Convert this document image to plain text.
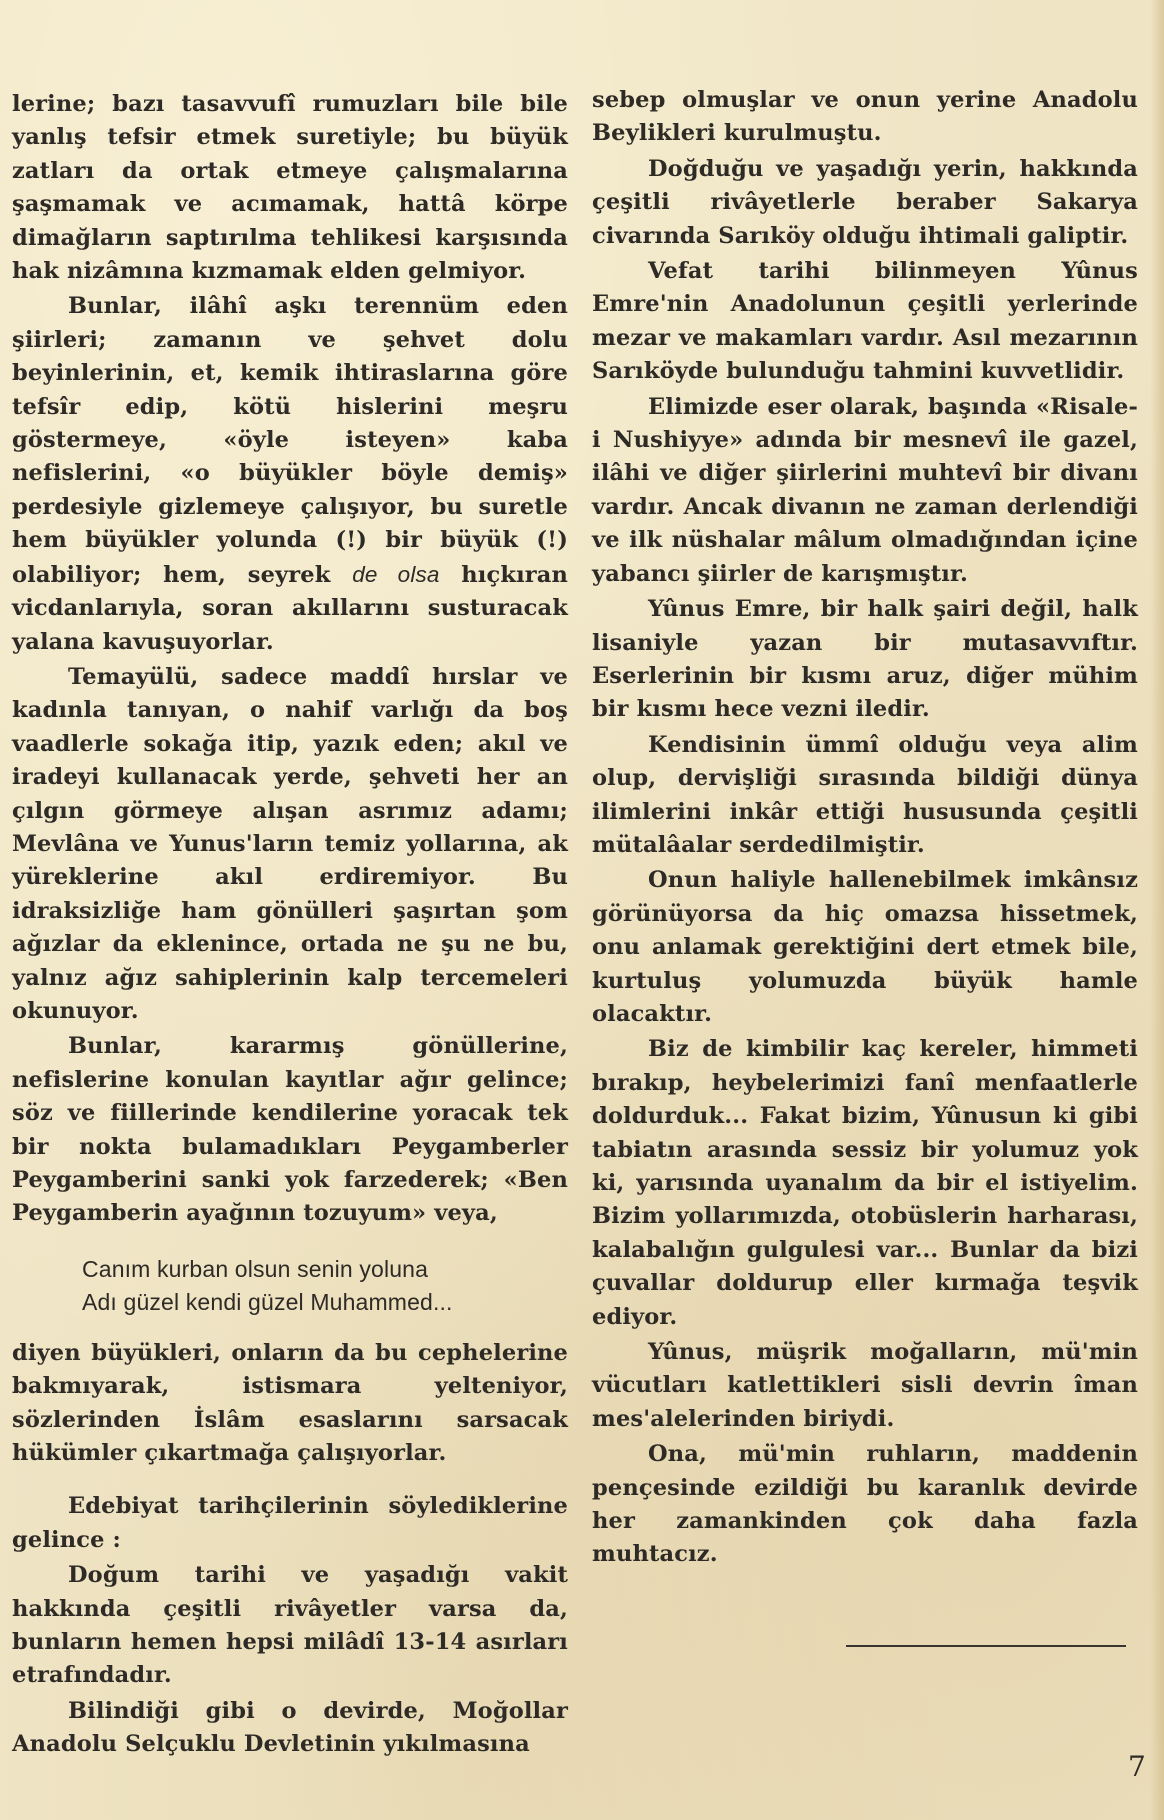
lerine; bazı tasavvufî rumuzları bile bile yanlış tefsir etmek suretiyle; bu büyük zatları da ortak etmeye çalışmalarına şaşmamak ve acımamak, hattâ körpe dimağların saptırılma tehlikesi karşısında hak nizâmına kızmamak elden gelmiyor.

Bunlar, ilâhî aşkı terennüm eden şiirleri; zamanın ve şehvet dolu beyinlerinin, et, kemik ihtiraslarına göre tefsîr edip, kötü hislerini meşru göstermeye, «öyle isteyen» kaba nefislerini, «o büyükler böyle demiş» perdesiyle gizlemeye çalışıyor, bu suretle hem büyükler yolunda (!) bir büyük (!) olabiliyor; hem, seyrek de olsa hıçkıran vicdanlarıyla, soran akıllarını susturacak yalana kavuşuyorlar.

Temayülü, sadece maddî hırslar ve kadınla tanıyan, o nahif varlığı da boş vaadlerle sokağa itip, yazık eden; akıl ve iradeyi kullanacak yerde, şehveti her an çılgın görmeye alışan asrımız adamı; Mevlâna ve Yunus'ların temiz yollarına, ak yüreklerine akıl erdiremiyor. Bu idraksizliğe ham gönülleri şaşırtan şom ağızlar da eklenince, ortada ne şu ne bu, yalnız ağız sahiplerinin kalp tercemeleri okunuyor.

Bunlar, kararmış gönüllerine, nefislerine konulan kayıtlar ağır gelince; söz ve fiillerinde kendilerine yoracak tek bir nokta bulamadıkları Peygamberler Peygamberini sanki yok farzederek; «Ben Peygamberin ayağının tozuyum» veya,

Canım kurban olsun senin yoluna
Adı güzel kendi güzel Muhammed...

diyen büyükleri, onların da bu cephelerine bakmıyarak, istismara yelteniyor, sözlerinden İslâm esaslarını sarsacak hükümler çıkartmağa çalışıyorlar.

Edebiyat tarihçilerinin söylediklerine gelince :

Doğum tarihi ve yaşadığı vakit hakkında çeşitli rivâyetler varsa da, bunların hemen hepsi milâdî 13-14 asırları etrafındadır.

Bilindiği gibi o devirde, Moğollar Anadolu Selçuklu Devletinin yıkılmasına

sebep olmuşlar ve onun yerine Anadolu Beylikleri kurulmuştu.

Doğduğu ve yaşadığı yerin, hakkında çeşitli rivâyetlerle beraber Sakarya civarında Sarıköy olduğu ihtimali galiptir.

Vefat tarihi bilinmeyen Yûnus Emre'nin Anadolunun çeşitli yerlerinde mezar ve makamları vardır. Asıl mezarının Sarıköyde bulunduğu tahmini kuvvetlidir.

Elimizde eser olarak, başında «Risale-i Nushiyye» adında bir mesnevî ile gazel, ilâhi ve diğer şiirlerini muhtevî bir divanı vardır. Ancak divanın ne zaman derlendiği ve ilk nüshalar mâlum olmadığından içine yabancı şiirler de karışmıştır.

Yûnus Emre, bir halk şairi değil, halk lisaniyle yazan bir mutasavvıftır. Eserlerinin bir kısmı aruz, diğer mühim bir kısmı hece vezni iledir.

Kendisinin ümmî olduğu veya alim olup, dervişliği sırasında bildiği dünya ilimlerini inkâr ettiği hususunda çeşitli mütalâalar serdedilmiştir.

Onun haliyle hallenebilmek imkânsız görünüyorsa da hiç omazsa hissetmek, onu anlamak gerektiğini dert etmek bile, kurtuluş yolumuzda büyük hamle olacaktır.

Biz de kimbilir kaç kereler, himmeti bırakıp, heybelerimizi fanî menfaatlerle doldurduk... Fakat bizim, Yûnusun ki gibi tabiatın arasında sessiz bir yolumuz yok ki, yarısında uyanalım da bir el istiyelim. Bizim yollarımızda, otobüslerin harharası, kalabalığın gulgulesi var... Bunlar da bizi çuvallar doldurup eller kırmağa teşvik ediyor.

Yûnus, müşrik moğalların, mü'min vücutları katlettikleri sisli devrin îman mes'alelerinden biriydi.

Ona, mü'min ruhların, maddenin pençesinde ezildiği bu karanlık devirde her zamankinden çok daha fazla muhtacız.

7
